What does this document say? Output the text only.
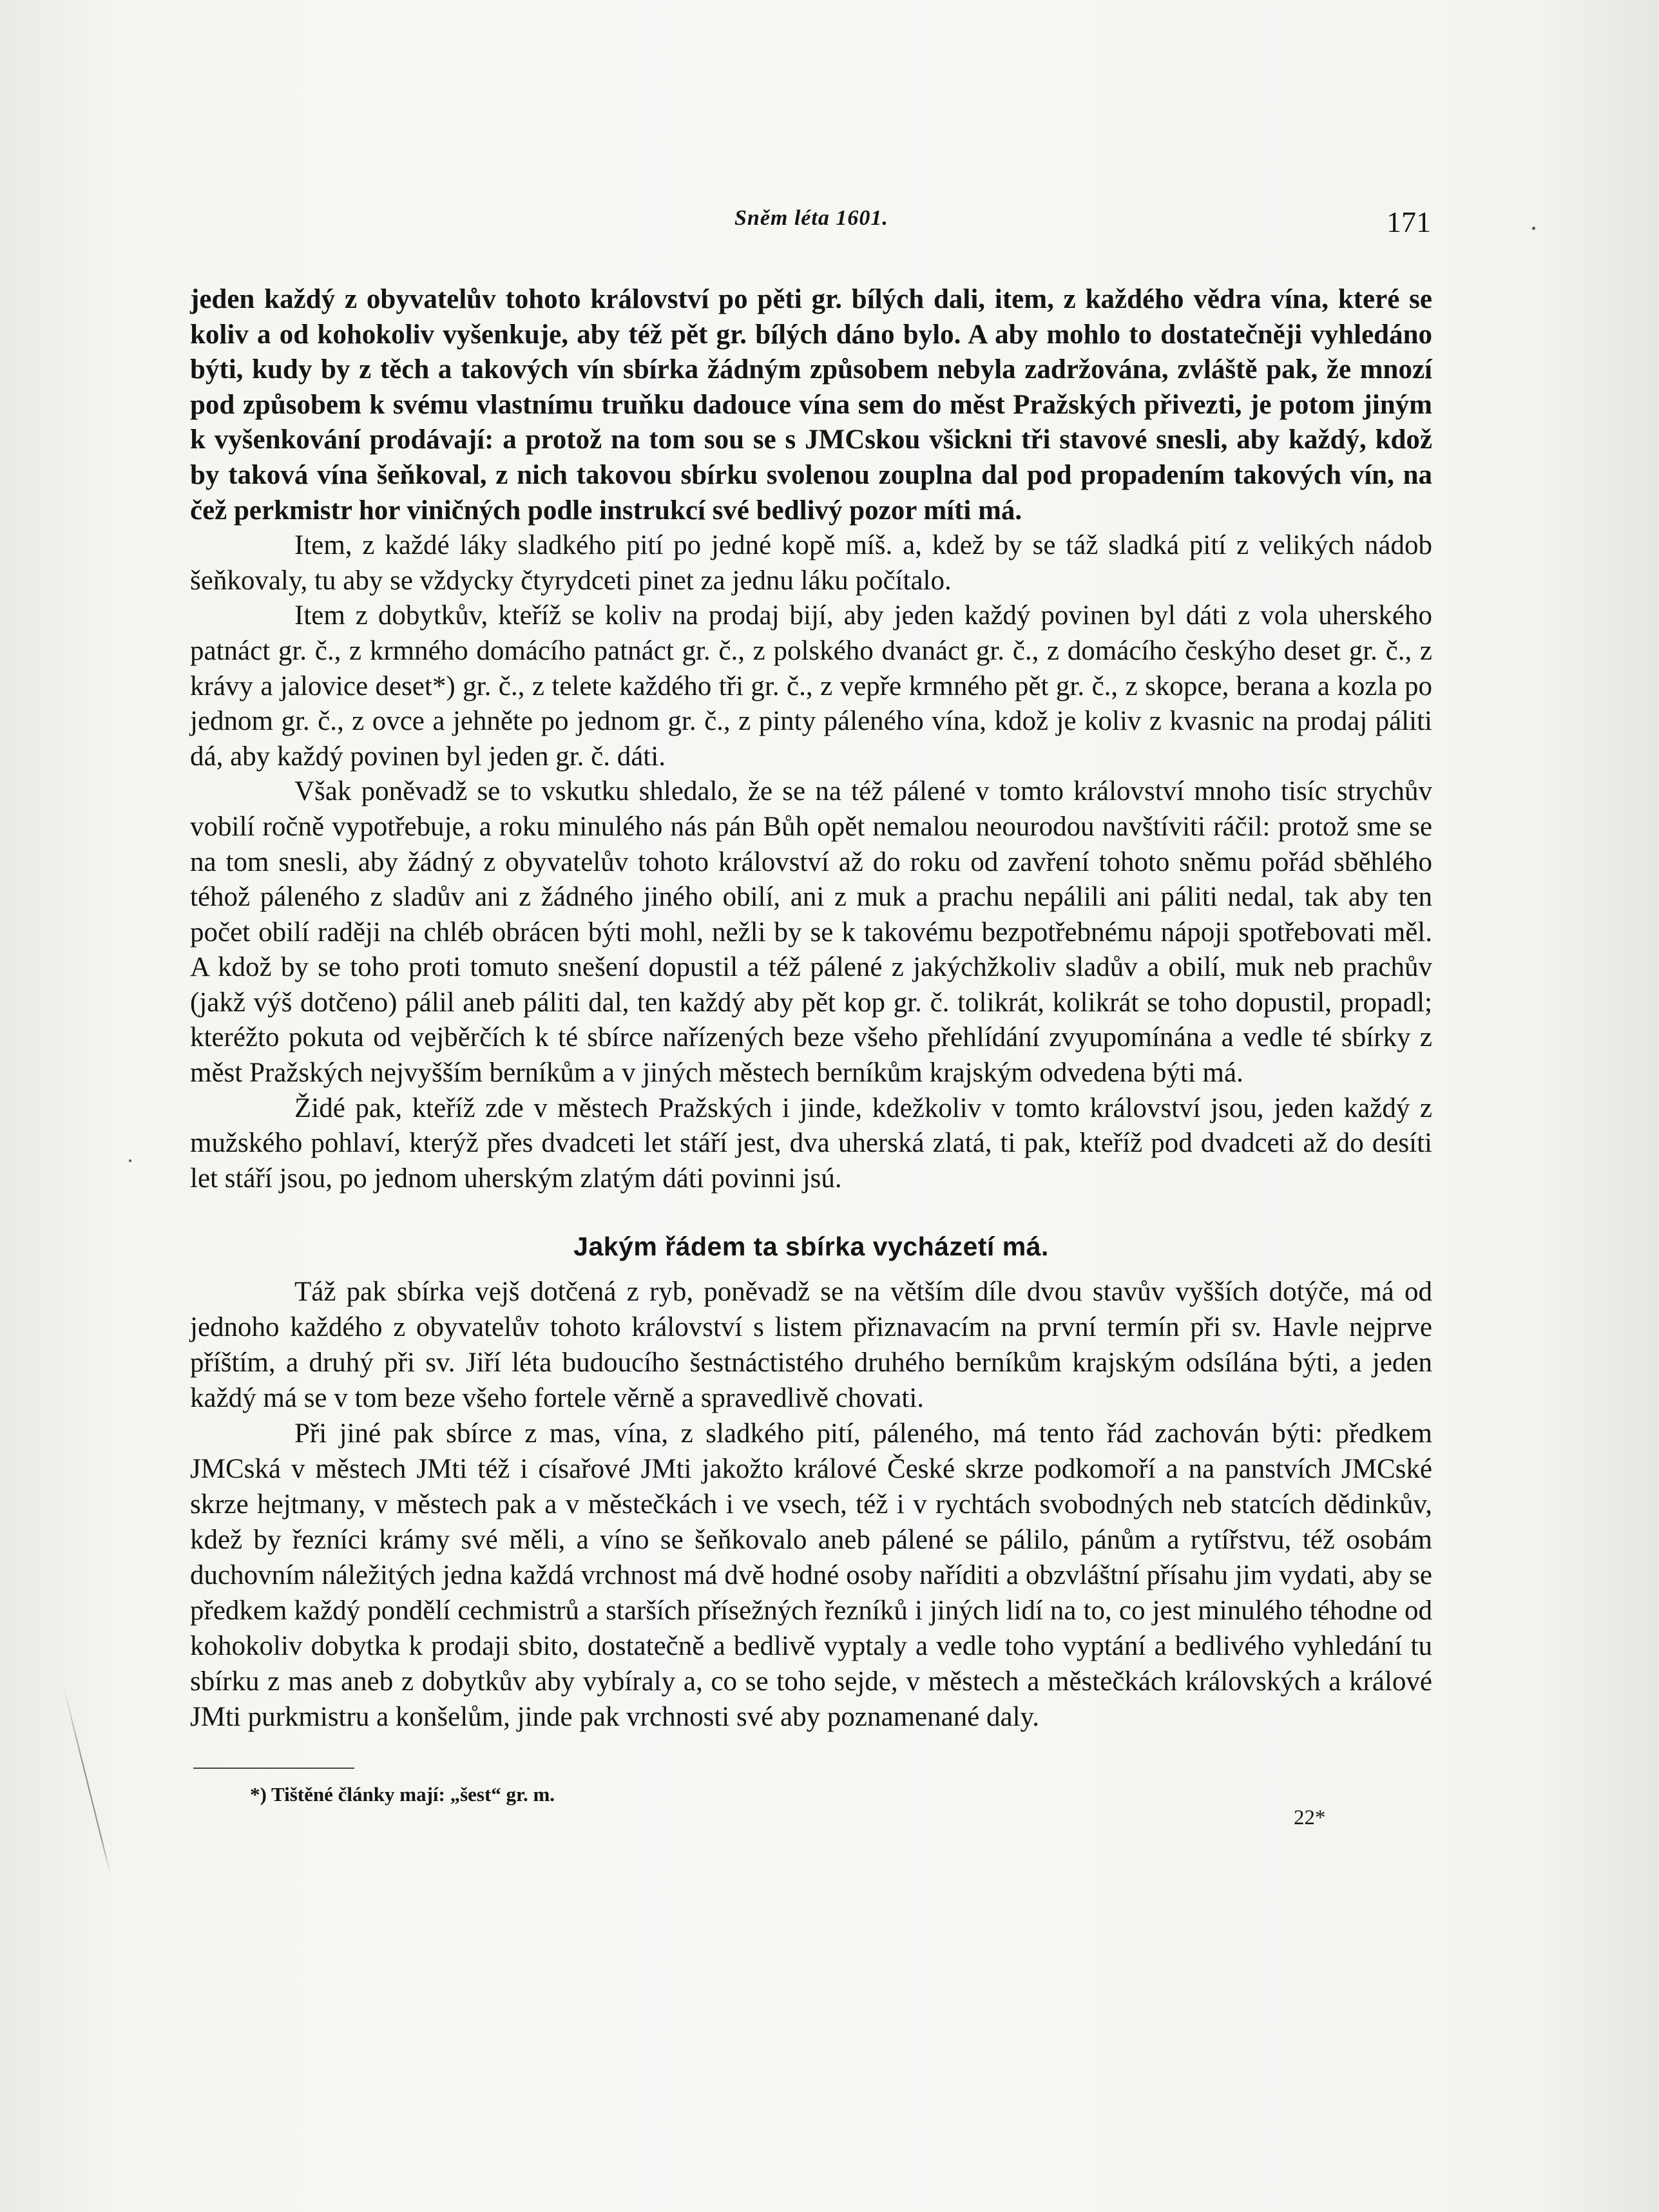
Sněm léta 1601.	171

jeden každý z obyvatelův tohoto království po pěti gr. bílých dali, item, z každého vědra vína, které se koliv a od kohokoliv vyšenkuje, aby též pět gr. bílých dáno bylo. A aby mohlo to dostatečněji vyhledáno býti, kudy by z těch a takových vín sbírka žádným způsobem nebyla zadržována, zvláště pak, že mnozí pod způsobem k svému vlastnímu truňku dadouce vína sem do měst Pražských přivezti, je potom jiným k vyšenkování prodávají: a protož na tom sou se s JMCskou všickni tři stavové snesli, aby každý, kdož by taková vína šeňkoval, z nich takovou sbírku svolenou zouplna dal pod propadením takových vín, na čež perkmistr hor viničných podle instrukcí své bedlivý pozor míti má.

Item, z každé láky sladkého pití po jedné kopě míš. a, kdež by se táž sladká pití z velikých nádob šeňkovaly, tu aby se vždycky čtyrydceti pinet za jednu láku počítalo.

Item z dobytkův, kteříž se koliv na prodaj bijí, aby jeden každý povinen byl dáti z vola uherského patnáct gr. č., z krmného domácího patnáct gr. č., z polského dvanáct gr. č., z domácího českýho deset gr. č., z krávy a jalovice deset*) gr. č., z telete každého tři gr. č., z vepře krmného pět gr. č., z skopce, berana a kozla po jednom gr. č., z ovce a jehněte po jednom gr. č., z pinty páleného vína, kdož je koliv z kvasnic na prodaj páliti dá, aby každý povinen byl jeden gr. č. dáti.

Však poněvadž se to vskutku shledalo, že se na též pálené v tomto království mnoho tisíc strychův vobilí ročně vypotřebuje, a roku minulého nás pán Bůh opět nemalou neourodou navštíviti ráčil: protož sme se na tom snesli, aby žádný z obyvatelův tohoto království až do roku od zavření tohoto sněmu pořád sběhlého téhož páleného z sladův ani z žádného jiného obilí, ani z muk a prachu nepálili ani páliti nedal, tak aby ten počet obilí raději na chléb obrácen býti mohl, nežli by se k takovému bezpotřebnému nápoji spotřebovati měl. A kdož by se toho proti tomuto snešení dopustil a též pálené z jakýchžkoliv sladův a obilí, muk neb prachův (jakž výš dotčeno) pálil aneb páliti dal, ten každý aby pět kop gr. č. tolikrát, kolikrát se toho dopustil, propadl; kteréžto pokuta od vejběrčích k té sbírce nařízených beze všeho přehlídání zvyupomínána a vedle té sbírky z měst Pražských nejvyšším berníkům a v jiných městech berníkům krajským odvedena býti má.

Židé pak, kteříž zde v městech Pražských i jinde, kdežkoliv v tomto království jsou, jeden každý z mužského pohlaví, kterýž přes dvadceti let stáří jest, dva uherská zlatá, ti pak, kteříž pod dvadceti až do desíti let stáří jsou, po jednom uherským zlatým dáti povinni jsú.

Jakým řádem ta sbírka vycházetí má.

Táž pak sbírka vejš dotčená z ryb, poněvadž se na větším díle dvou stavův vyšších dotýče, má od jednoho každého z obyvatelův tohoto království s listem přiznavacím na první termín při sv. Havle nejprve příštím, a druhý při sv. Jiří léta budoucího šestnáctistého druhého berníkům krajským odsílána býti, a jeden každý má se v tom beze všeho fortele věrně a spravedlivě chovati.

Při jiné pak sbírce z mas, vína, z sladkého pití, páleného, má tento řád zachován býti: předkem JMCská v městech JMti též i císařové JMti jakožto králové České skrze podkomoří a na panstvích JMCské skrze hejtmany, v městech pak a v městečkách i ve vsech, též i v rychtách svobodných neb statcích dědinkův, kdež by řezníci krámy své měli, a víno se šeňkovalo aneb pálené se pálilo, pánům a rytířstvu, též osobám duchovním náležitých jedna každá vrchnost má dvě hodné osoby naříditi a obzvláštní přísahu jim vydati, aby se předkem každý pondělí cechmistrů a starších přísežných řezníků i jiných lidí na to, co jest minulého téhodne od kohokoliv dobytka k prodaji sbito, dostatečně a bedlivě vyptaly a vedle toho vyptání a bedlivého vyhledání tu sbírku z mas aneb z dobytkův aby vybíraly a, co se toho sejde, v městech a městečkách královských a králové JMti purkmistru a konšelům, jinde pak vrchnosti své aby poznamenané daly.

*) Tištěné články mají: „šest“ gr. m.
22*
